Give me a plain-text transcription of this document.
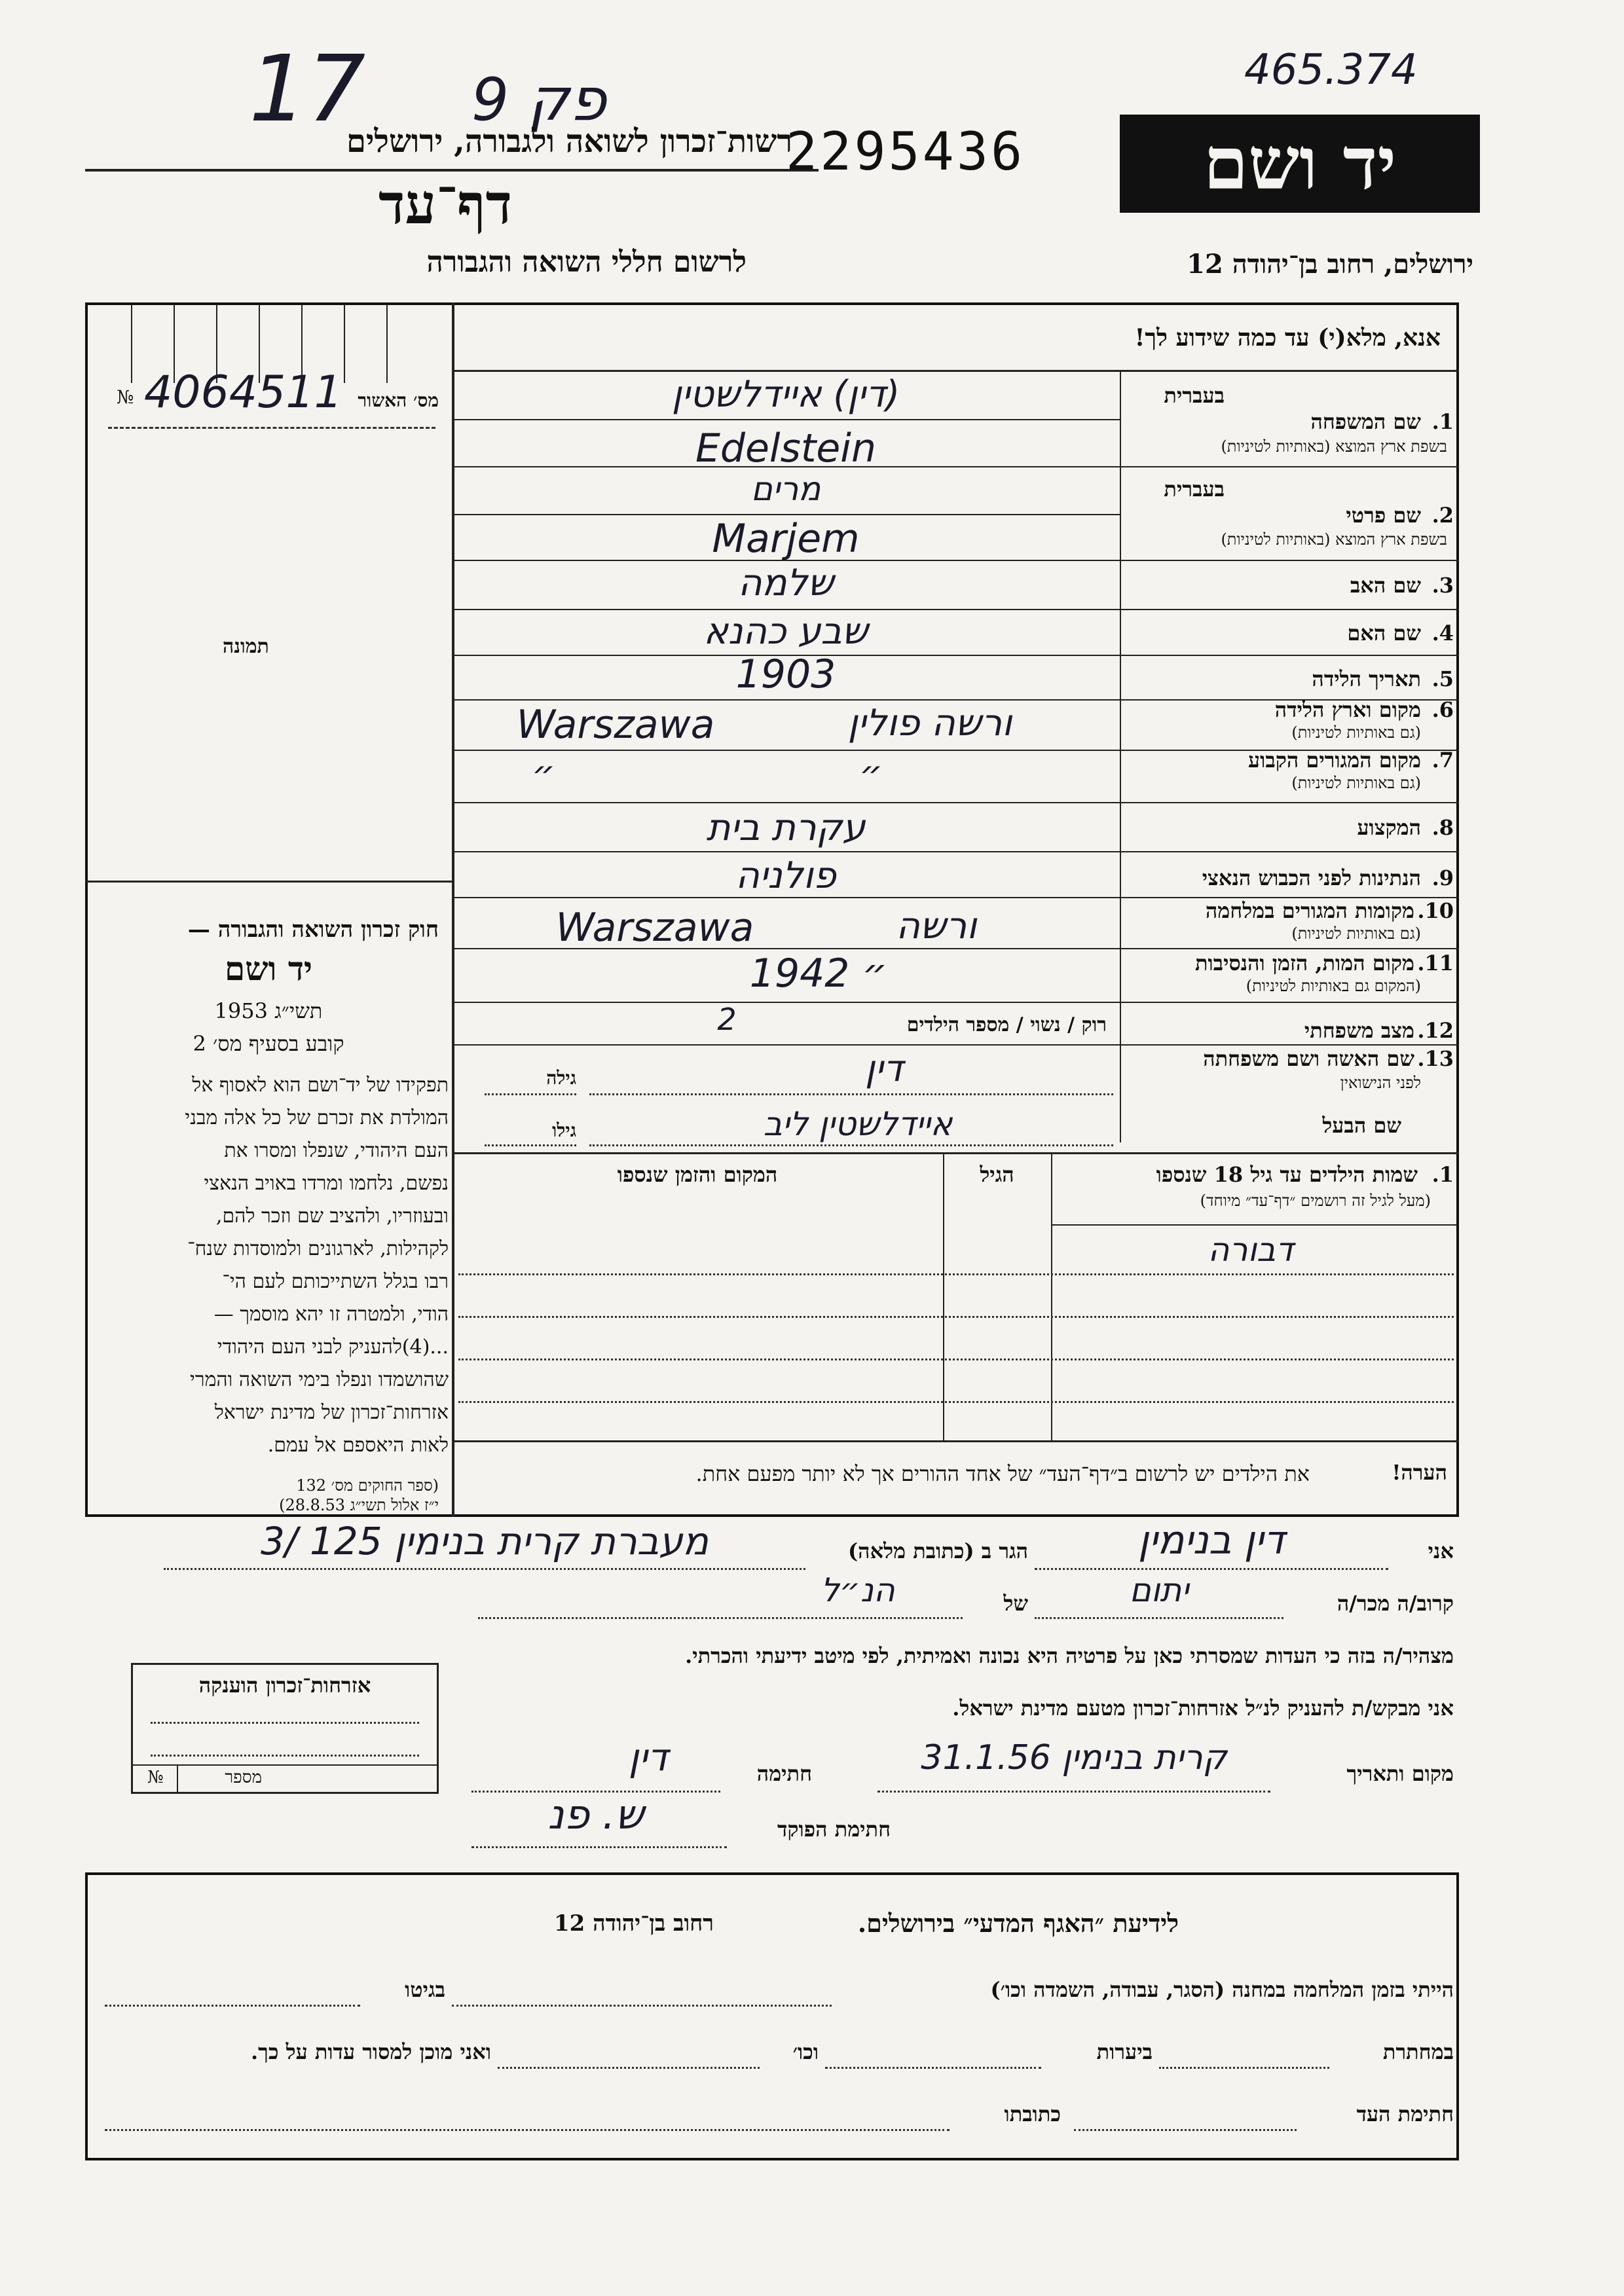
יד ושם
ירושלים, רחוב בן־יהודה 12
465.374
17 פק 9
רשות־זכרון לשואה ולגבורה, ירושלים
2295436
דף־עד
לרשום חללי השואה והגבורה
№ 4064511 מס׳ האשור
תמונה
חוק זכרון השואה והגבורה —
יד ושם
תשי״ג 1953
קובע בסעיף מס׳ 2
תפקידו של יד־ושם הוא לאסוף אל
המולדת את זכרם של כל אלה מבני
העם היהודי, שנפלו ומסרו את
נפשם, נלחמו ומרדו באויב הנאצי
ובעוזריו, ולהציב שם וזכר להם,
לקהילות, לארגונים ולמוסדות שנח־
רבו בגלל השתייכותם לעם הי־
הודי, ולמטרה זו יהא מוסמך —
...(4)להעניק לבני העם היהודי
שהושמדו ונפלו בימי השואה והמרי
אזרחות־זכרון של מדינת ישראל
לאות היאספם אל עמם.
(ספר החוקים מס׳ 132
י״ז אלול תשי״ג 28.8.53)
אנא, מלא(י) עד כמה שידוע לך!
בעברית
שם המשפחה 1.
בשפת ארץ המוצא (באותיות לטיניות)
(דין) איידלשטין
Edelstein
בעברית
שם פרטי 2.
בשפת ארץ המוצא (באותיות לטיניות)
מרים
Marjem
שם האב 3.
שלמה
שם האם 4.
שבע כהנא
תאריך הלידה 5.
1903
מקום וארץ הלידה 6.
(גם באותיות לטיניות)
ורשה פולין
Warszawa
מקום המגורים הקבוע 7.
(גם באותיות לטיניות)
״
״
המקצוע 8.
עקרת בית
הנתינות לפני הכבוש הנאצי 9.
פולניה
מקומות המגורים במלחמה 10.
(גם באותיות לטיניות)
ורשה
Warszawa
מקום המות, הזמן והנסיבות 11.
(המקום גם באותיות לטיניות)
1942 ״
מצב משפחתי 12.
רוק / נשוי / מספר הילדים
2
שם האשה ושם משפחתה 13.
לפני הנישואין
דין
גילה
שם הבעל
איידלשטין ליב
גילו
1.
שמות הילדים עד גיל 18 שנספו
(מעל לגיל זה רושמים ״דף־עד״ מיוחד)
הגיל
המקום והזמן שנספו
דבורה
הערה!
את הילדים יש לרשום ב״דף־העד״ של אחד ההורים אך לא יותר מפעם אחת.
אני
דין בנימין
הגר ב (כתובת מלאה)
מעברת קרית בנימין 125 /3
קרוב/ה מכר/ה
יתום
של
הנ״ל
מצהיר/ה בזה כי העדות שמסרתי כאן על פרטיה היא נכונה ואמיתית, לפי מיטב ידיעתי והכרתי.
אני מבקש/ת להעניק לנ״ל אזרחות־זכרון מטעם מדינת ישראל.
אזרחות־זכרון הוענקה
מספר
№	מקום ותאריך
קרית בנימין 31.1.56
חתימה
דין
חתימת הפוקד
ש. פנ
לידיעת ״האגף המדעי״ בירושלים.
רחוב בן־יהודה 12
הייתי בזמן המלחמה במחנה (הסגר, עבודה, השמדה וכו׳)
בגיטו
במחתרת
ביערות
וכו׳
ואני מוכן למסור עדות על כך.
חתימת העד
כתובתו
